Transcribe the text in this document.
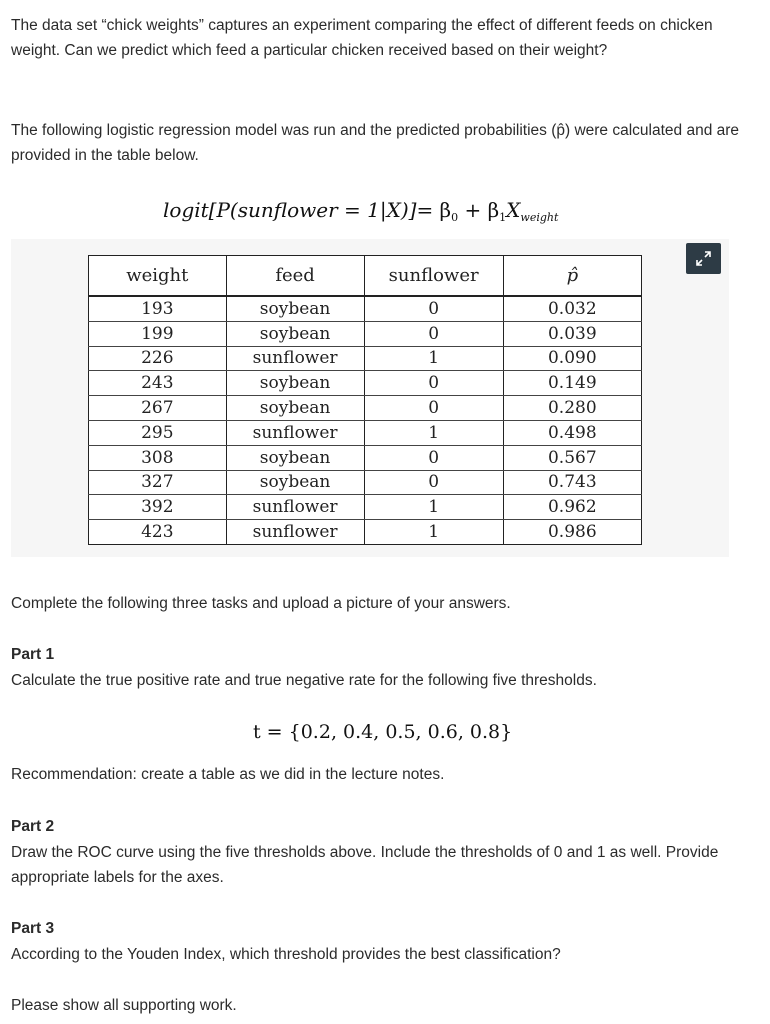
The data set “chick weights” captures an experiment comparing the effect of different feeds on chicken weight. Can we predict which feed a particular chicken received based on their weight?

The following logistic regression model was run and the predicted probabilities (p̂) were calculated and are provided in the table below.

logit[P(sunflower = $1|X)]= \beta_0 + \beta_1X_{weight}$
weight	feed	sunflower	p̂
193	soybean	0	0.032
199	soybean	0	0.039
226	sunflower	1	0.090
243	soybean	0	0.149
267	soybean	0	0.280
295	sunflower	1	0.498
308	soybean	0	0.567
327	soybean	0	0.743
392	sunflower	1	0.962
423	sunflower	1	0.986

Complete the following three tasks and upload a picture of your answers.

Part 1

Calculate the true positive rate and true negative rate for the following five thresholds.

t = {0.2, 0.4, 0.5, 0.6, 0.8}

Recommendation: create a table as we did in the lecture notes.

Part 2

Draw the ROC curve using the five thresholds above. Include the thresholds of 0 and 1 as well. Provide appropriate labels for the axes.

Part 3

According to the Youden Index, which threshold provides the best classification?

Please show all supporting work.
